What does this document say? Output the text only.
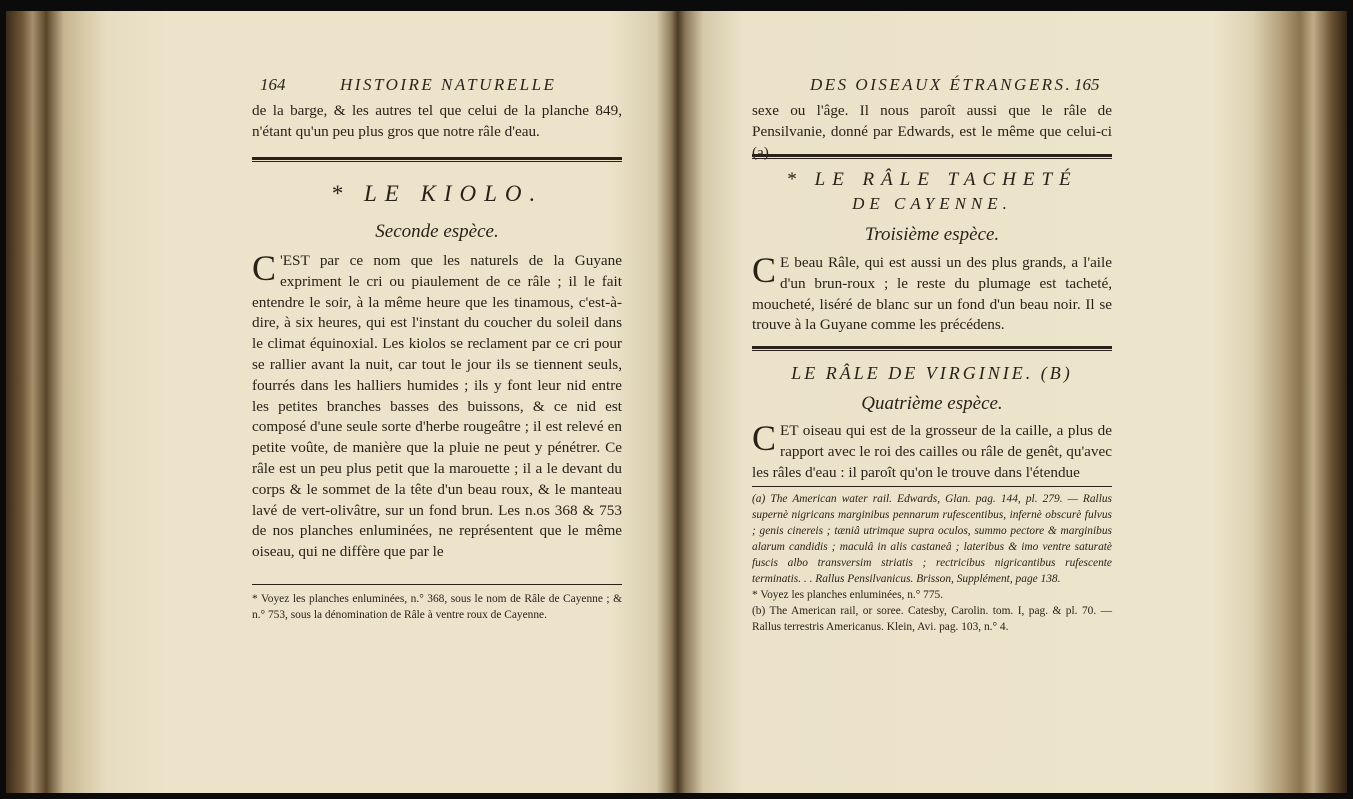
164	HISTOIRE NATURELLE

de la barge, & les autres tel que celui de la planche 849, n'étant qu'un peu plus gros que notre râle d'eau.

* LE KIOLO.
Seconde espèce.
C 'EST par ce nom que les naturels de la Guyane expriment le cri ou piaulement de ce râle ; il le fait entendre le soir, à la même heure que les tinamous, c'est-à-dire, à six heures, qui est l'instant du coucher du soleil dans le climat équinoxial. Les kiolos se reclament par ce cri pour se rallier avant la nuit, car tout le jour ils se tiennent seuls, fourrés dans les halliers humides ; ils y font leur nid entre les petites branches basses des buissons, & ce nid est composé d'une seule sorte d'herbe rougeâtre ; il est relevé en petite voûte, de manière que la pluie ne peut y pénétrer. Ce râle est un peu plus petit que la marouette ; il a le devant du corps & le sommet de la tête d'un beau roux, & le manteau lavé de vert-olivâtre, sur un fond brun. Les n.os 368 & 753 de nos planches enluminées, ne représentent que le même oiseau, qui ne diffère que par le

* Voyez les planches enluminées, n.° 368, sous le nom de Râle de Cayenne ; & n.° 753, sous la dénomination de Râle à ventre roux de Cayenne.

DES OISEAUX ÉTRANGERS. 165

sexe ou l'âge. Il nous paroît aussi que le râle de Pensilvanie, donné par Edwards, est le même que celui-ci (a).

* LE RÂLE TACHETÉ
DE CAYENNE.
Troisième espèce.
C E beau Râle, qui est aussi un des plus grands, a l'aile d'un brun-roux ; le reste du plumage est tacheté, moucheté, liséré de blanc sur un fond d'un beau noir. Il se trouve à la Guyane comme les précédens.

LE RÂLE DE VIRGINIE. (B)
Quatrième espèce.
C ET oiseau qui est de la grosseur de la caille, a plus de rapport avec le roi des cailles ou râle de genêt, qu'avec les râles d'eau : il paroît qu'on le trouve dans l'étendue

(a) The American water rail. Edwards, Glan. pag. 144, pl. 279. — Rallus supernè nigricans marginibus pennarum rufescentibus, infernè obscurè fulvus ; genis cinereis ; tæniâ utrimque supra oculos, summo pectore & marginibus alarum candidis ; maculâ in alis castaneâ ; lateribus & imo ventre saturatè fuscis albo transversim striatis ; rectricibus nigricantibus rufescente terminatis. . . Rallus Pensilvanicus. Brisson, Supplément, page 138.

* Voyez les planches enluminées, n.° 775.

(b) The American rail, or soree. Catesby, Carolin. tom. I, pag. & pl. 70. — Rallus terrestris Americanus. Klein, Avi. pag. 103, n.° 4.
